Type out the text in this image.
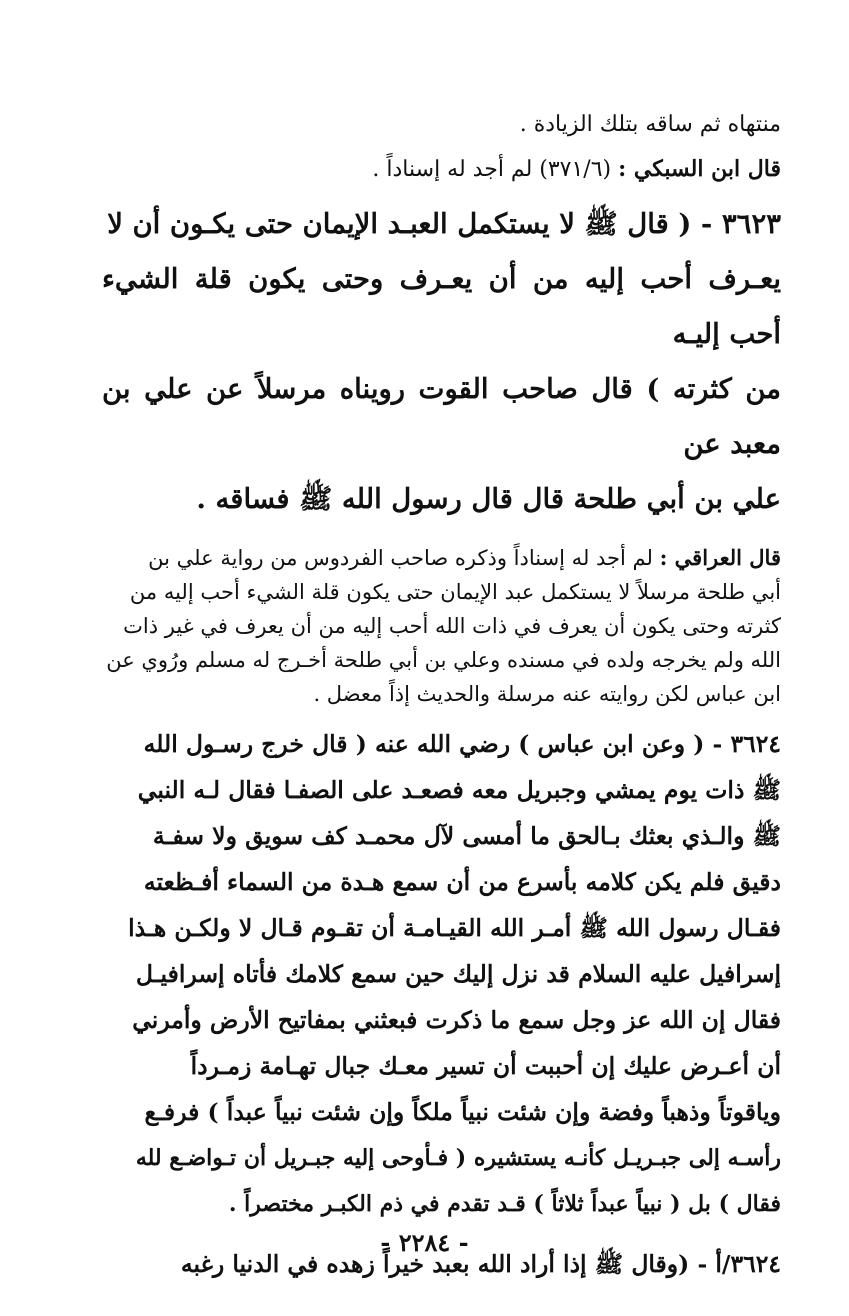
منتهاه ثم ساقه بتلك الزيادة .
قال ابن السبكي : (٣٧١/٦) لم أجد له إسناداً .
٣٦٢٣ - ( قال ﷺ لا يستكمل العبـد الإيمان حتى يكـون أن لا
يعـرف أحب إليه من أن يعـرف وحتى يكون قلة الشيء أحب إليـه
من كثرته ) قال صاحب القوت رويناه مرسلاً عن علي بن معبد عن
علي بن أبي طلحة قال قال رسول الله ﷺ فساقه .
قال العراقي : لم أجد له إسناداً وذكره صاحب الفردوس من رواية علي بن
أبي طلحة مرسلاً لا يستكمل عبد الإيمان حتى يكون قلة الشيء أحب إليه من
كثرته وحتى يكون أن يعرف في ذات الله أحب إليه من أن يعرف في غير ذات
الله ولم يخرجه ولده في مسنده وعلي بن أبي طلحة أخـرج له مسلم ورُوي عن
ابن عباس لكن روايته عنه مرسلة والحديث إذاً معضل .
٣٦٢٤ - ( وعن ابن عباس ) رضي الله عنه ( قال خرج رسـول الله
ﷺ ذات يوم يمشي وجبريل معه فصعـد على الصفـا فقال لـه النبي
ﷺ والـذي بعثك بـالحق ما أمسى لآل محمـد كف سويق ولا سفـة
دقيق فلم يكن كلامه بأسرع من أن سمع هـدة من السماء أفـظعته
فقـال رسول الله ﷺ أمـر الله القيـامـة أن تقـوم قـال لا ولكـن هـذا
إسرافيل عليه السلام قد نزل إليك حين سمع كلامك فأتاه إسرافيـل
فقال إن الله عز وجل سمع ما ذكرت فبعثني بمفاتيح الأرض وأمرني
أن أعـرض عليك إن أحببت أن تسير معـك جبال تهـامة زمـرداً
وياقوتاً وذهباً وفضة وإن شئت نبياً ملكاً وإن شئت نبياً عبداً ) فرفـع
رأسـه إلى جبـريـل كأنـه يستشيره ( فـأوحى إليه جبـريل أن تـواضـع لله
فقال ) بل ( نبياً عبداً ثلاثاً ) قـد تقدم في ذم الكبـر مختصراً .
٣٦٢٤/أ - (وقال ﷺ إذا أراد الله بعبد خيراً زهده في الدنيا رغبه
- ٢٢٨٤ -
